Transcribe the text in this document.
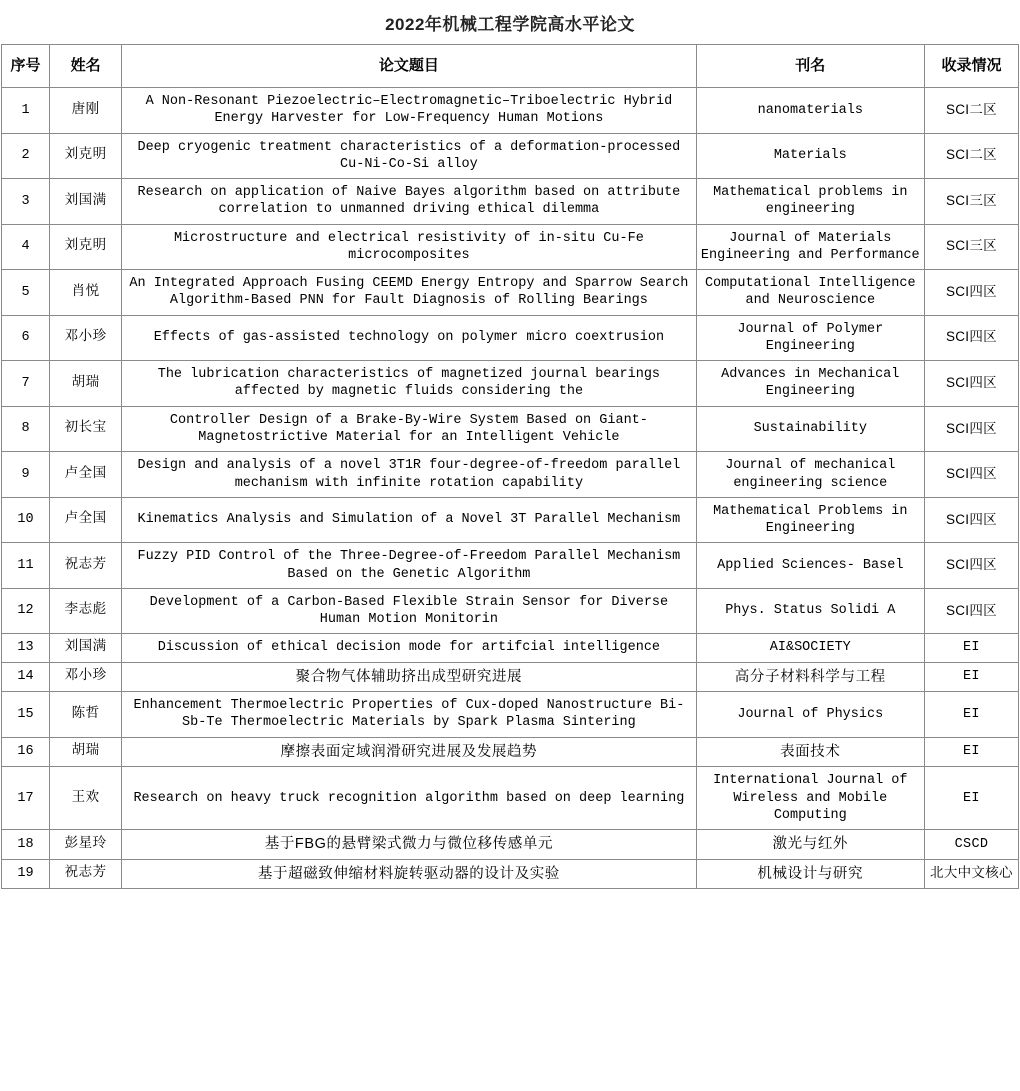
2022年机械工程学院高水平论文
序号	姓名	论文题目	刊名	收录情况
1	唐刚	A Non-Resonant Piezoelectric–Electromagnetic–Triboelectric Hybrid Energy Harvester for Low-Frequency Human Motions	nanomaterials	SCI二区
2	刘克明	Deep cryogenic treatment characteristics of a deformation-processed Cu-Ni-Co-Si alloy	Materials	SCI二区
3	刘国满	Research on application of Naive Bayes algorithm based on attribute correlation to unmanned driving ethical dilemma	Mathematical problems in engineering	SCI三区
4	刘克明	Microstructure and electrical resistivity of in-situ Cu-Fe microcomposites	Journal of Materials Engineering and Performance	SCI三区
5	肖悦	An Integrated Approach Fusing CEEMD Energy Entropy and Sparrow Search Algorithm-Based PNN for Fault Diagnosis of Rolling Bearings	Computational Intelligence and Neuroscience	SCI四区
6	邓小珍	Effects of gas-assisted technology on polymer micro coextrusion	Journal of Polymer Engineering	SCI四区
7	胡瑞	The lubrication characteristics of magnetized journal bearings affected by magnetic fluids considering the	Advances in Mechanical Engineering	SCI四区
8	初长宝	Controller Design of a Brake-By-Wire System Based on Giant-Magnetostrictive Material for an Intelligent Vehicle	Sustainability	SCI四区
9	卢全国	Design and analysis of a novel 3T1R four-degree-of-freedom parallel mechanism with infinite rotation capability	Journal of mechanical engineering science	SCI四区
10	卢全国	Kinematics Analysis and Simulation of a Novel 3T Parallel Mechanism	Mathematical Problems in Engineering	SCI四区
11	祝志芳	Fuzzy PID Control of the Three-Degree-of-Freedom Parallel Mechanism Based on the Genetic Algorithm	Applied Sciences- Basel	SCI四区
12	李志彪	Development of a Carbon-Based Flexible Strain Sensor for Diverse Human Motion Monitorin	Phys. Status Solidi A	SCI四区
13	刘国满	Discussion of ethical decision mode for artifcial intelligence	AI&SOCIETY	EI
14	邓小珍	聚合物气体辅助挤出成型研究进展	高分子材料科学与工程	EI
15	陈哲	Enhancement Thermoelectric Properties of Cux-doped Nanostructure Bi-Sb-Te Thermoelectric Materials by Spark Plasma Sintering	Journal of Physics	EI
16	胡瑞	摩擦表面定域润滑研究进展及发展趋势	表面技术	EI
17	王欢	Research on heavy truck recognition algorithm based on deep learning	International Journal of Wireless and Mobile Computing	EI
18	彭星玲	基于FBG的悬臂梁式微力与微位移传感单元	激光与红外	CSCD
19	祝志芳	基于超磁致伸缩材料旋转驱动器的设计及实验	机械设计与研究	北大中文核心
